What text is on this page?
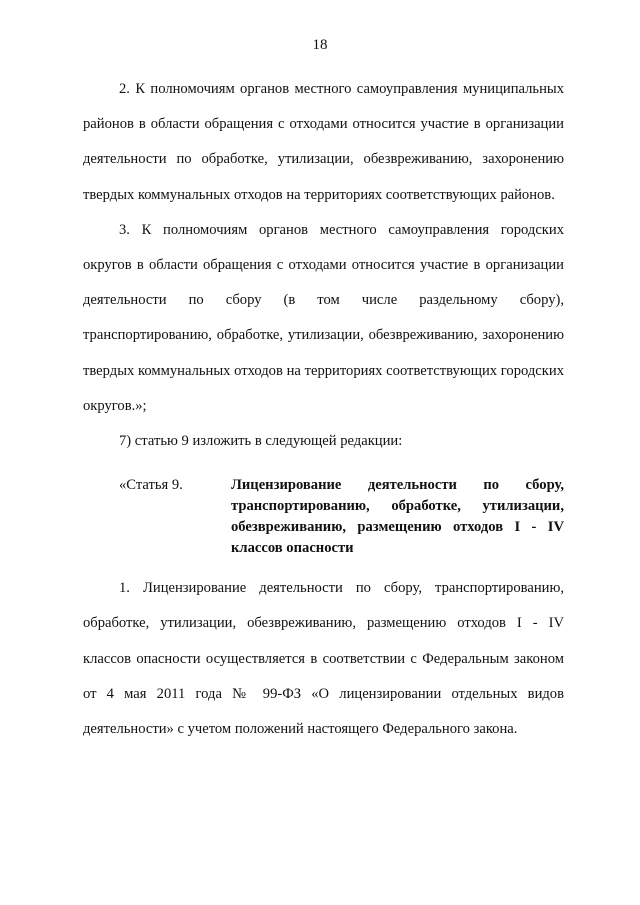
18

2. К полномочиям органов местного самоуправления муниципальных районов в области обращения с отходами относится участие в организации деятельности по обработке, утилизации, обезвреживанию, захоронению твердых коммунальных отходов на территориях соответствующих районов.

3. К полномочиям органов местного самоуправления городских округов в области обращения с отходами относится участие в организации деятельности по сбору (в том числе раздельному сбору), транспортированию, обработке, утилизации, обезвреживанию, захоронению твердых коммунальных отходов на территориях соответствующих городских округов.»;

7) статью 9 изложить в следующей редакции:

«Статья 9.	Лицензирование деятельности по сбору, транспортированию, обработке, утилизации, обезвреживанию, размещению отходов I - IV классов опасности

1. Лицензирование деятельности по сбору, транспортированию, обработке, утилизации, обезвреживанию, размещению отходов I - IV классов опасности осуществляется в соответствии с Федеральным законом от 4 мая 2011 года № 99-ФЗ «О лицензировании отдельных видов деятельности» с учетом положений настоящего Федерального закона.
